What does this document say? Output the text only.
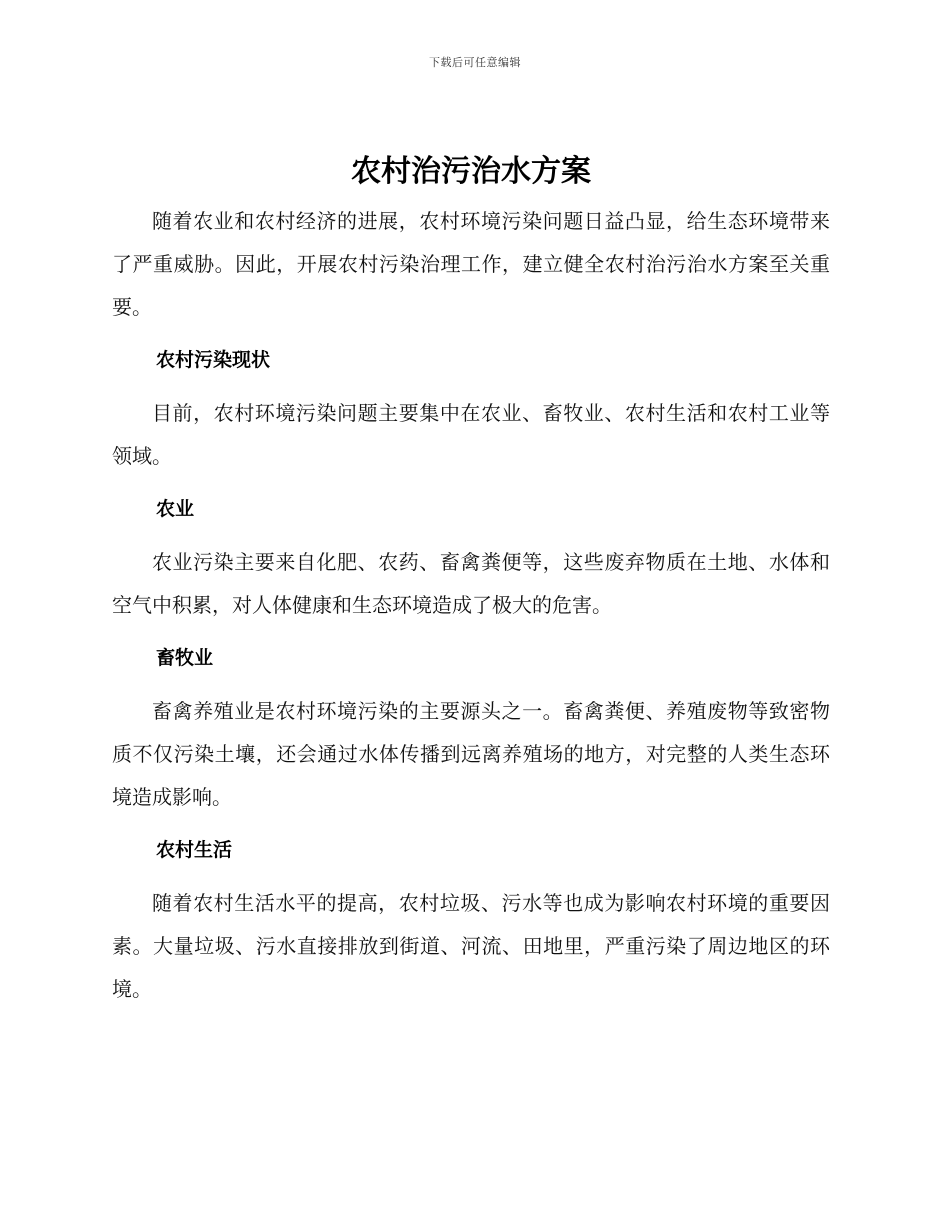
下载后可任意编辑
农村治污治水方案

随着农业和农村经济的进展，农村环境污染问题日益凸显，给生态环境带来了严重威胁。因此，开展农村污染治理工作，建立健全农村治污治水方案至关重要。

农村污染现状

目前，农村环境污染问题主要集中在农业、畜牧业、农村生活和农村工业等领域。

农业

农业污染主要来自化肥、农药、畜禽粪便等，这些废弃物质在土地、水体和空气中积累，对人体健康和生态环境造成了极大的危害。

畜牧业

畜禽养殖业是农村环境污染的主要源头之一。畜禽粪便、养殖废物等致密物质不仅污染土壤，还会通过水体传播到远离养殖场的地方，对完整的人类生态环境造成影响。

农村生活

随着农村生活水平的提高，农村垃圾、污水等也成为影响农村环境的重要因素。大量垃圾、污水直接排放到街道、河流、田地里，严重污染了周边地区的环境。
